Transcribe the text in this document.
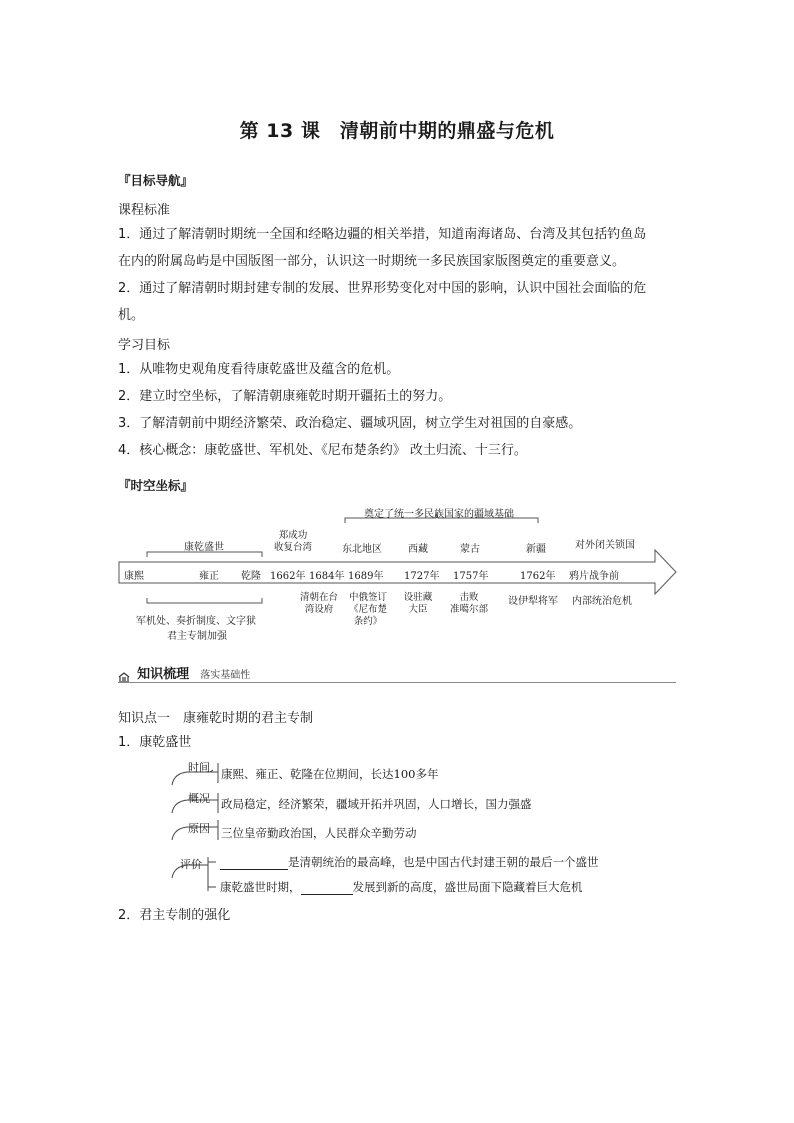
第 13 课　清朝前中期的鼎盛与危机
『目标导航』
课程标准
1．通过了解清朝时期统一全国和经略边疆的相关举措，知道南海诸岛、台湾及其包括钓鱼岛
在内的附属岛屿是中国版图一部分，认识这一时期统一多民族国家版图奠定的重要意义。
2．通过了解清朝时期封建专制的发展、世界形势变化对中国的影响，认识中国社会面临的危
机。
学习目标
1．从唯物史观角度看待康乾盛世及蕴含的危机。
2．建立时空坐标，了解清朝康雍乾时期开疆拓土的努力。
3．了解清朝前中期经济繁荣、政治稳定、疆域巩固，树立学生对祖国的自豪感。
4．核心概念：康乾盛世、军机处、《尼布楚条约》 改土归流、十三行。
『时空坐标』
奠定了统一多民族国家的疆域基础
康乾盛世
郑成功
收复台湾	东北地区	西藏	蒙古	新疆	对外闭关锁国
康熙	雍正 乾隆 1662年 1684年 1689年 1727年 1757年	1762年 鸦片战争前
军机处、奏折制度、文字狱
君主专制加强
清朝在台
湾设府
中俄签订
《尼布楚
条约》
设驻藏
大臣
击败
准噶尔部
设伊犁将军 内部统治危机
知识梳理 落实基础性
知识点一　康雍乾时期的君主专制
1．康乾盛世
时间 康熙、雍正、乾隆在位期间，长达100多年
概况 政局稳定，经济繁荣，疆域开拓并巩固，人口增长，国力强盛
原因 三位皇帝勤政治国，人民群众辛勤劳动
评价	是清朝统治的最高峰，也是中国古代封建王朝的最后一个盛世
康乾盛世时期，	发展到新的高度，盛世局面下隐藏着巨大危机
2．君主专制的强化
